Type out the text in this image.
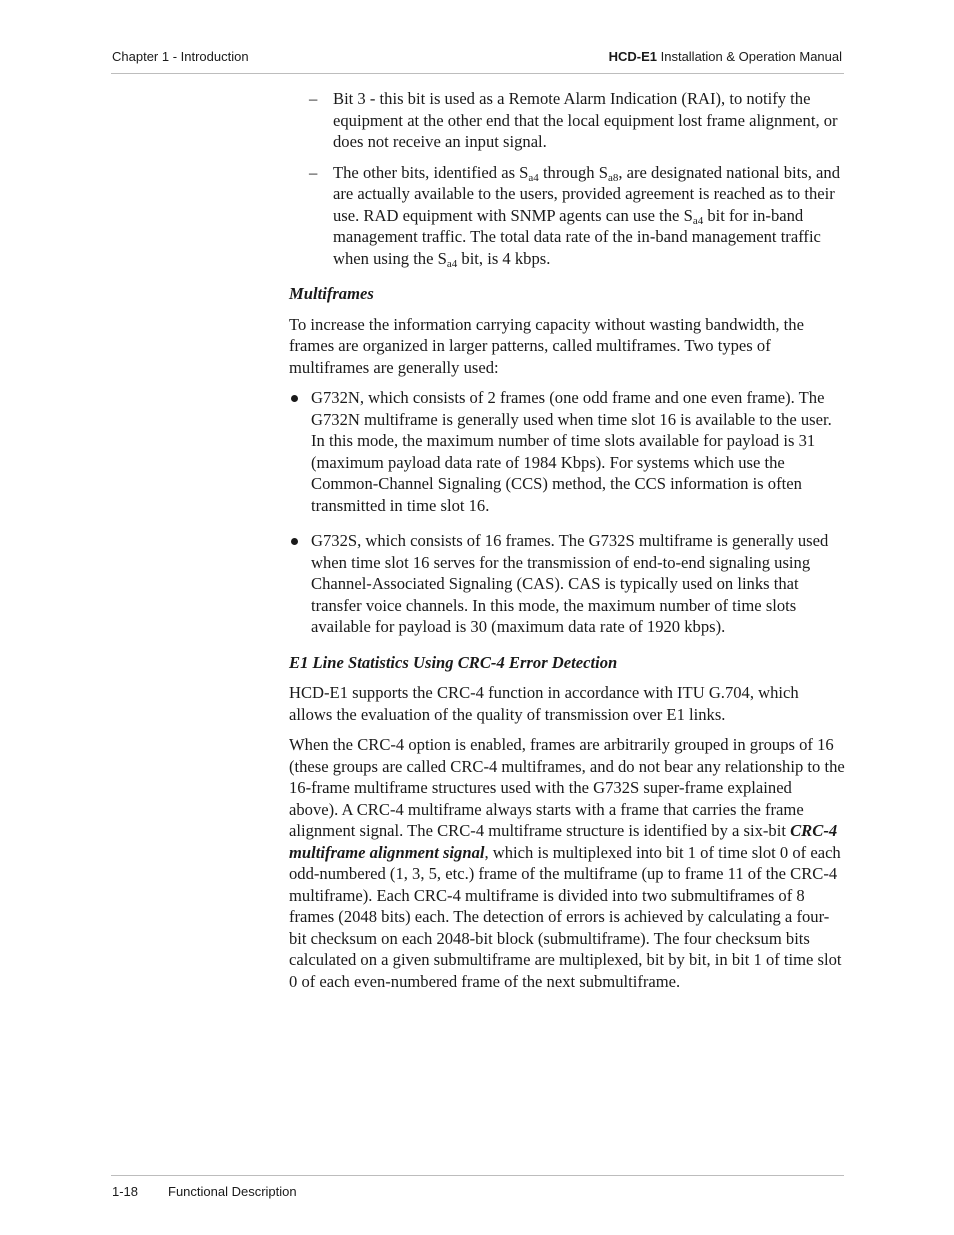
Chapter 1 - Introduction	HCD-E1 Installation & Operation Manual
– Bit 3 - this bit is used as a Remote Alarm Indication (RAI), to notify the equipment at the other end that the local equipment lost frame alignment, or does not receive an input signal.
– The other bits, identified as $S_{a4}$ through $S_{a8}$, are designated national bits, and are actually available to the users, provided agreement is reached as to their use. RAD equipment with SNMP agents can use the $S_{a4}$ bit for in-band management traffic. The total data rate of the in-band management traffic when using the $S_{a4}$ bit, is 4 kbps.
Multiframes

To increase the information carrying capacity without wasting bandwidth, the frames are organized in larger patterns, called multiframes. Two types of multiframes are generally used:

G732N, which consists of 2 frames (one odd frame and one even frame). The G732N multiframe is generally used when time slot 16 is available to the user. In this mode, the maximum number of time slots available for payload is 31 (maximum payload data rate of 1984 Kbps). For systems which use the Common-Channel Signaling (CCS) method, the CCS information is often transmitted in time slot 16.
G732S, which consists of 16 frames. The G732S multiframe is generally used when time slot 16 serves for the transmission of end-to-end signaling using Channel-Associated Signaling (CAS). CAS is typically used on links that transfer voice channels. In this mode, the maximum number of time slots available for payload is 30 (maximum data rate of 1920 kbps).
E1 Line Statistics Using CRC-4 Error Detection

HCD-E1 supports the CRC-4 function in accordance with ITU G.704, which allows the evaluation of the quality of transmission over E1 links.

When the CRC-4 option is enabled, frames are arbitrarily grouped in groups of 16 (these groups are called CRC-4 multiframes, and do not bear any relationship to the 16-frame multiframe structures used with the G732S super-frame explained above). A CRC-4 multiframe always starts with a frame that carries the frame alignment signal. The CRC-4 multiframe structure is identified by a six-bit CRC-4 multiframe alignment signal, which is multiplexed into bit 1 of time slot 0 of each odd-numbered (1, 3, 5, etc.) frame of the multiframe (up to frame 11 of the CRC-4 multiframe). Each CRC-4 multiframe is divided into two submultiframes of 8 frames (2048 bits) each. The detection of errors is achieved by calculating a four-bit checksum on each 2048-bit block (submultiframe). The four checksum bits calculated on a given submultiframe are multiplexed, bit by bit, in bit 1 of time slot 0 of each even-numbered frame of the next submultiframe.

1-18 Functional Description
